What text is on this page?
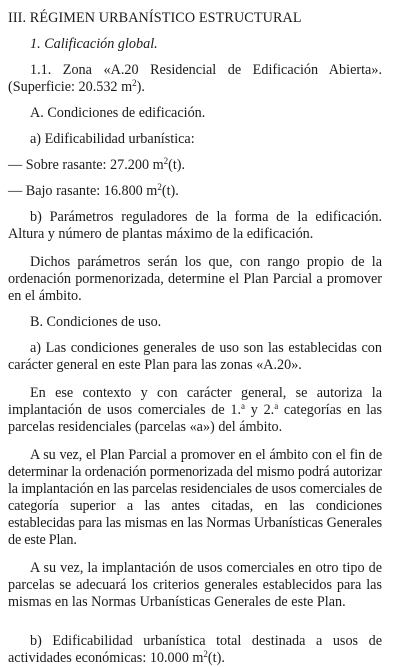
III. RÉGIMEN URBANÍSTICO ESTRUCTURAL

1. Calificación global.

1.1. Zona «A.20 Residencial de Edificación Abierta». (Superficie: 20.532 $m^2$).

A. Condiciones de edificación.

a) Edificabilidad urbanística:

— Sobre rasante: 27.200 $m^2(t)$.

— Bajo rasante: 16.800 $m^2(t)$.

b) Parámetros reguladores de la forma de la edificación. Altura y número de plantas máximo de la edificación.

Dichos parámetros serán los que, con rango propio de la ordenación pormenorizada, determine el Plan Parcial a promover en el ámbito.

B. Condiciones de uso.

a) Las condiciones generales de uso son las establecidas con carácter general en este Plan para las zonas «A.20».

En ese contexto y con carácter general, se autoriza la implantación de usos comerciales de 1.$^a$ y 2.$^a$ categorías en las parcelas residenciales (parcelas «a») del ámbito.

A su vez, el Plan Parcial a promover en el ámbito con el fin de determinar la ordenación pormenorizada del mismo podrá autorizar la implantación en las parcelas residenciales de usos comerciales de categoría superior a las antes citadas, en las condiciones establecidas para las mismas en las Normas Urbanísticas Generales de este Plan.

A su vez, la implantación de usos comerciales en otro tipo de parcelas se adecuará los criterios generales establecidos para las mismas en las Normas Urbanísticas Generales de este Plan.

b) Edificabilidad urbanística total destinada a usos de actividades económicas: 10.000 $m^2(t)$.
